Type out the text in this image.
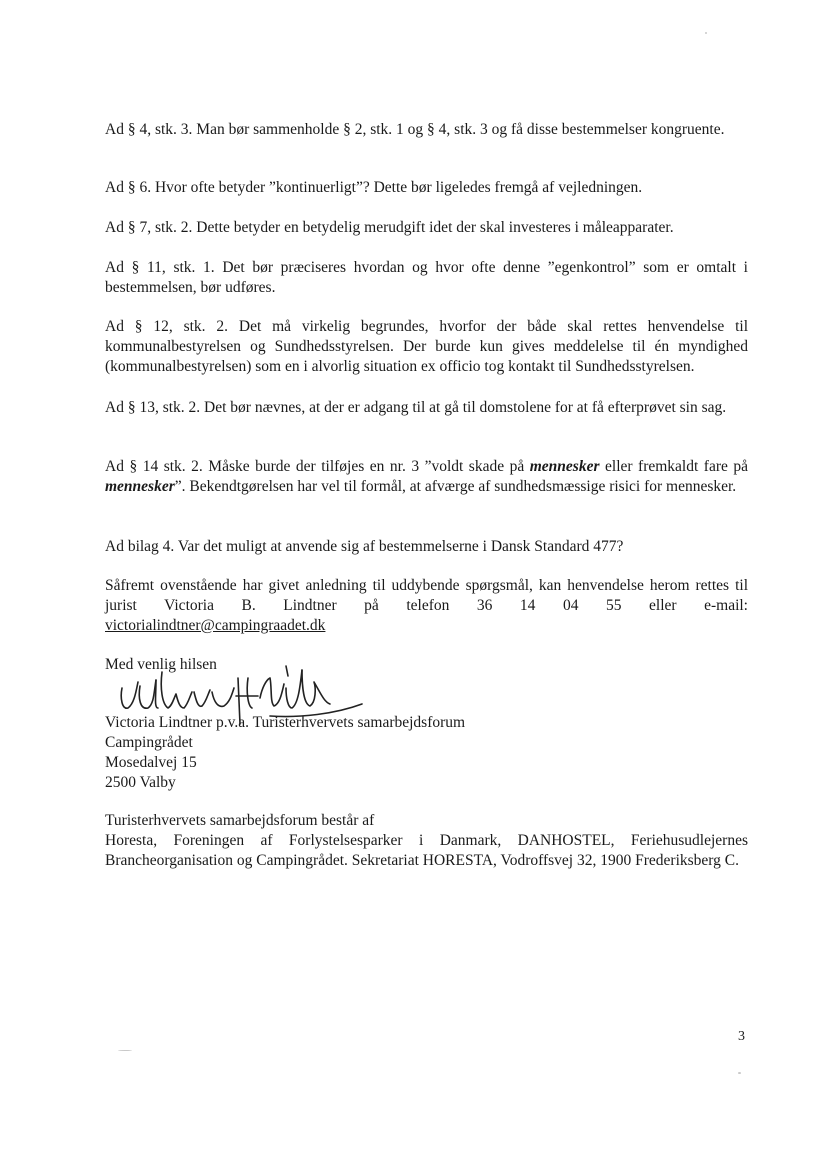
Ad § 4, stk. 3. Man bør sammenholde § 2, stk. 1 og § 4, stk. 3 og få disse bestemmelser kongruente.

Ad § 6. Hvor ofte betyder ”kontinuerligt”? Dette bør ligeledes fremgå af vejledningen.

Ad § 7, stk. 2. Dette betyder en betydelig merudgift idet der skal investeres i måleapparater.

Ad § 11, stk. 1. Det bør præciseres hvordan og hvor ofte denne ”egenkontrol” som er omtalt i bestemmelsen, bør udføres.

Ad § 12, stk. 2. Det må virkelig begrundes, hvorfor der både skal rettes henvendelse til kommunalbestyrelsen og Sundhedsstyrelsen. Der burde kun gives meddelelse til én myndighed (kommunalbestyrelsen) som en i alvorlig situation ex officio tog kontakt til Sundhedsstyrelsen.

Ad § 13, stk. 2. Det bør nævnes, at der er adgang til at gå til domstolene for at få efterprøvet sin sag.

Ad § 14 stk. 2. Måske burde der tilføjes en nr. 3 ”voldt skade på mennesker eller fremkaldt fare på mennesker”. Bekendtgørelsen har vel til formål, at afværge af sundhedsmæssige risici for mennesker.

Ad bilag 4. Var det muligt at anvende sig af bestemmelserne i Dansk Standard 477?

Såfremt ovenstående har givet anledning til uddybende spørgsmål, kan henvendelse herom rettes til jurist Victoria B. Lindtner på telefon 36 14 04 55 eller e-mail:

victorialindtner@campingraadet.dk

Med venlig hilsen

Victoria Lindtner p.v.a. Turisterhvervets samarbejdsforum

Campingrådet

Mosedalvej 15

2500 Valby

Turisterhvervets samarbejdsforum består af

Horesta, Foreningen af Forlystelsesparker i Danmark, DANHOSTEL, Feriehusudlejernes Brancheorganisation og Campingrådet. Sekretariat HORESTA, Vodroffsvej 32, 1900 Frederiksberg C.

3
